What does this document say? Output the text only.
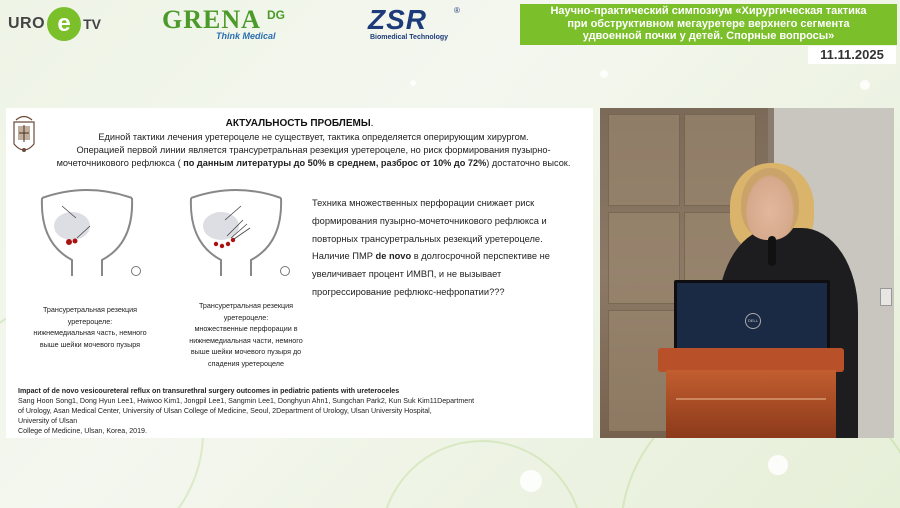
URO e TV GRENA DG
Think Medical
ZSR	®
Biomedical Technology
Научно-практический симпозиум «Хирургическая тактика
при обструктивном мегауретере верхнего сегмента
удвоенной почки у детей. Спорные вопросы»
11.11.2025
АКТУАЛЬНОСТЬ ПРОБЛЕМЫ.
Единой тактики лечения уретероцеле не существует, тактика определяется оперирующим хирургом.
Операцией первой линии является трансуретральная резекция уретероцеле, но риск формирования пузырно-
мочеточникового рефлюкса ( по данным литературы до 50% в среднем, разброс от 10% до 72%) достаточно высок.
Трансуретральная резекция
уретероцеле:
нижнемедиальная часть, немного
выше шейки мочевого пузыря
Трансуретральная резекция
уретероцеле:
множественные перфорации в
нижнемедиальная части, немного
выше шейки мочевого пузыря до
спадения уретероцеле
Техника множественных перфорации снижает риск
формирования пузырно-мочеточникового рефлюкса и
повторных трансуретральных резекций уретероцеле.
Наличие ПМР de novo в долгосрочной перспективе не
увеличивает процент ИМВП, и не вызывает
прогрессирование рефлюкс-нефропатии???
Impact of de novo vesicoureteral reflux on transurethral surgery outcomes in pediatric patients with ureteroceles
Sang Hoon Song1, Dong Hyun Lee1, Hwiwoo Kim1, Jongpil Lee1, Sangmin Lee1, Donghyun Ahn1, Sungchan Park2, Kun Suk Kim11Department
of Urology, Asan Medical Center, University of Ulsan College of Medicine, Seoul, 2Department of Urology, Ulsan University Hospital,
University of Ulsan
College of Medicine, Ulsan, Korea, 2019.
DELL
